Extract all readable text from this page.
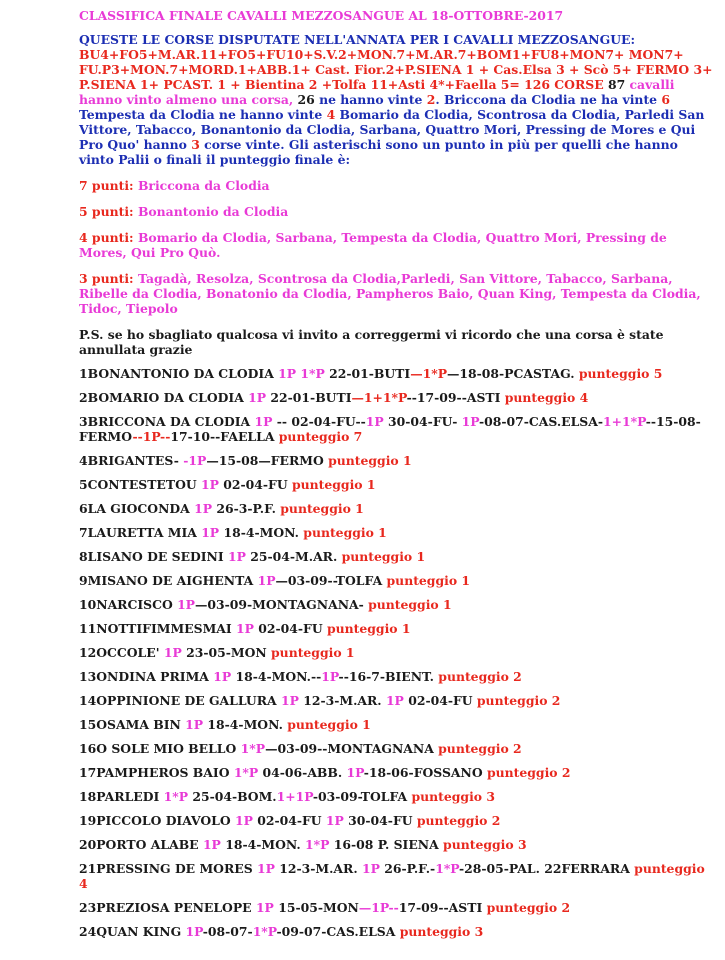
CLASSIFICA FINALE CAVALLI MEZZOSANGUE AL 18-OTTOBRE-2017
QUESTE LE CORSE DISPUTATE NELL'ANNATA PER I CAVALLI MEZZOSANGUE: BU4+FO5+M.AR.11+FO5+FU10+S.V.2+MON.7+M.AR.7+BOM1+FU8+MON7+ MON7+ FU.P3+MON.7+MORD.1+ABB.1+ Cast. Fior.2+P.SIENA 1 + Cas.Elsa 3 + Scò 5+ FERMO 3+ P.SIENA 1+ PCAST. 1 + Bientina 2 +Tolfa 11+Asti 4*+Faella 5= 126 CORSE 87 cavalli hanno vinto almeno una corsa, 26 ne hanno vinte 2. Briccona da Clodia ne ha vinte 6 Tempesta da Clodia ne hanno vinte 4 Bomario da Clodia, Scontrosa da Clodia, Parledi San Vittore, Tabacco, Bonantonio da Clodia, Sarbana, Quattro Mori, Pressing de Mores e Qui Pro Quo' hanno 3 corse vinte. Gli asterischi sono un punto in più per quelli che hanno vinto Palii o finali il punteggio finale è:
7 punti: Briccona da Clodia
5 punti: Bonantonio da Clodia
4 punti: Bomario da Clodia, Sarbana, Tempesta da Clodia, Quattro Mori, Pressing de Mores, Qui Pro Quò.
3 punti: Tagadà, Resolza, Scontrosa da Clodia,Parledi, San Vittore, Tabacco, Sarbana, Ribelle da Clodia, Bonatonio da Clodia, Pampheros Baio, Quan King, Tempesta da Clodia, Tidoc, Tiepolo
P.S. se ho sbagliato qualcosa vi invito a correggermi vi ricordo che una corsa è state annullata grazie
1BONANTONIO DA CLODIA 1P 1*P 22-01-BUTI—1*P—18-08-PCASTAG. punteggio 5
2BOMARIO DA CLODIA 1P 22-01-BUTI—1+1*P--17-09--ASTI punteggio 4
3BRICCONA DA CLODIA 1P -- 02-04-FU--1P 30-04-FU- 1P-08-07-CAS.ELSA-1+1*P--15-08-FERMO--1P--17-10--FAELLA punteggio 7
4BRIGANTES- -1P—15-08—FERMO punteggio 1
5CONTESTETOU 1P 02-04-FU punteggio 1
6LA GIOCONDA 1P 26-3-P.F. punteggio 1
7LAURETTA MIA 1P 18-4-MON. punteggio 1
8LISANO DE SEDINI 1P 25-04-M.AR. punteggio 1
9MISANO DE AIGHENTA 1P—03-09--TOLFA punteggio 1
10NARCISCO 1P—03-09-MONTAGNANA- punteggio 1
11NOTTIFIMMESMAI 1P 02-04-FU punteggio 1
12OCCOLE' 1P 23-05-MON punteggio 1
13ONDINA PRIMA 1P 18-4-MON.--1P--16-7-BIENT. punteggio 2
14OPPINIONE DE GALLURA 1P 12-3-M.AR. 1P 02-04-FU punteggio 2
15OSAMA BIN 1P 18-4-MON. punteggio 1
16O SOLE MIO BELLO 1*P—03-09--MONTAGNANA punteggio 2
17PAMPHEROS BAIO 1*P 04-06-ABB. 1P-18-06-FOSSANO punteggio 2
18PARLEDI 1*P 25-04-BOM.1+1P-03-09-TOLFA punteggio 3
19PICCOLO DIAVOLO 1P 02-04-FU 1P 30-04-FU punteggio 2
20PORTO ALABE 1P 18-4-MON. 1*P 16-08 P. SIENA punteggio 3
21PRESSING DE MORES 1P 12-3-M.AR. 1P 26-P.F.-1*P-28-05-PAL. 22FERRARA punteggio 4
23PREZIOSA PENELOPE 1P 15-05-MON—1P--17-09--ASTI punteggio 2
24QUAN KING 1P-08-07-1*P-09-07-CAS.ELSA punteggio 3
